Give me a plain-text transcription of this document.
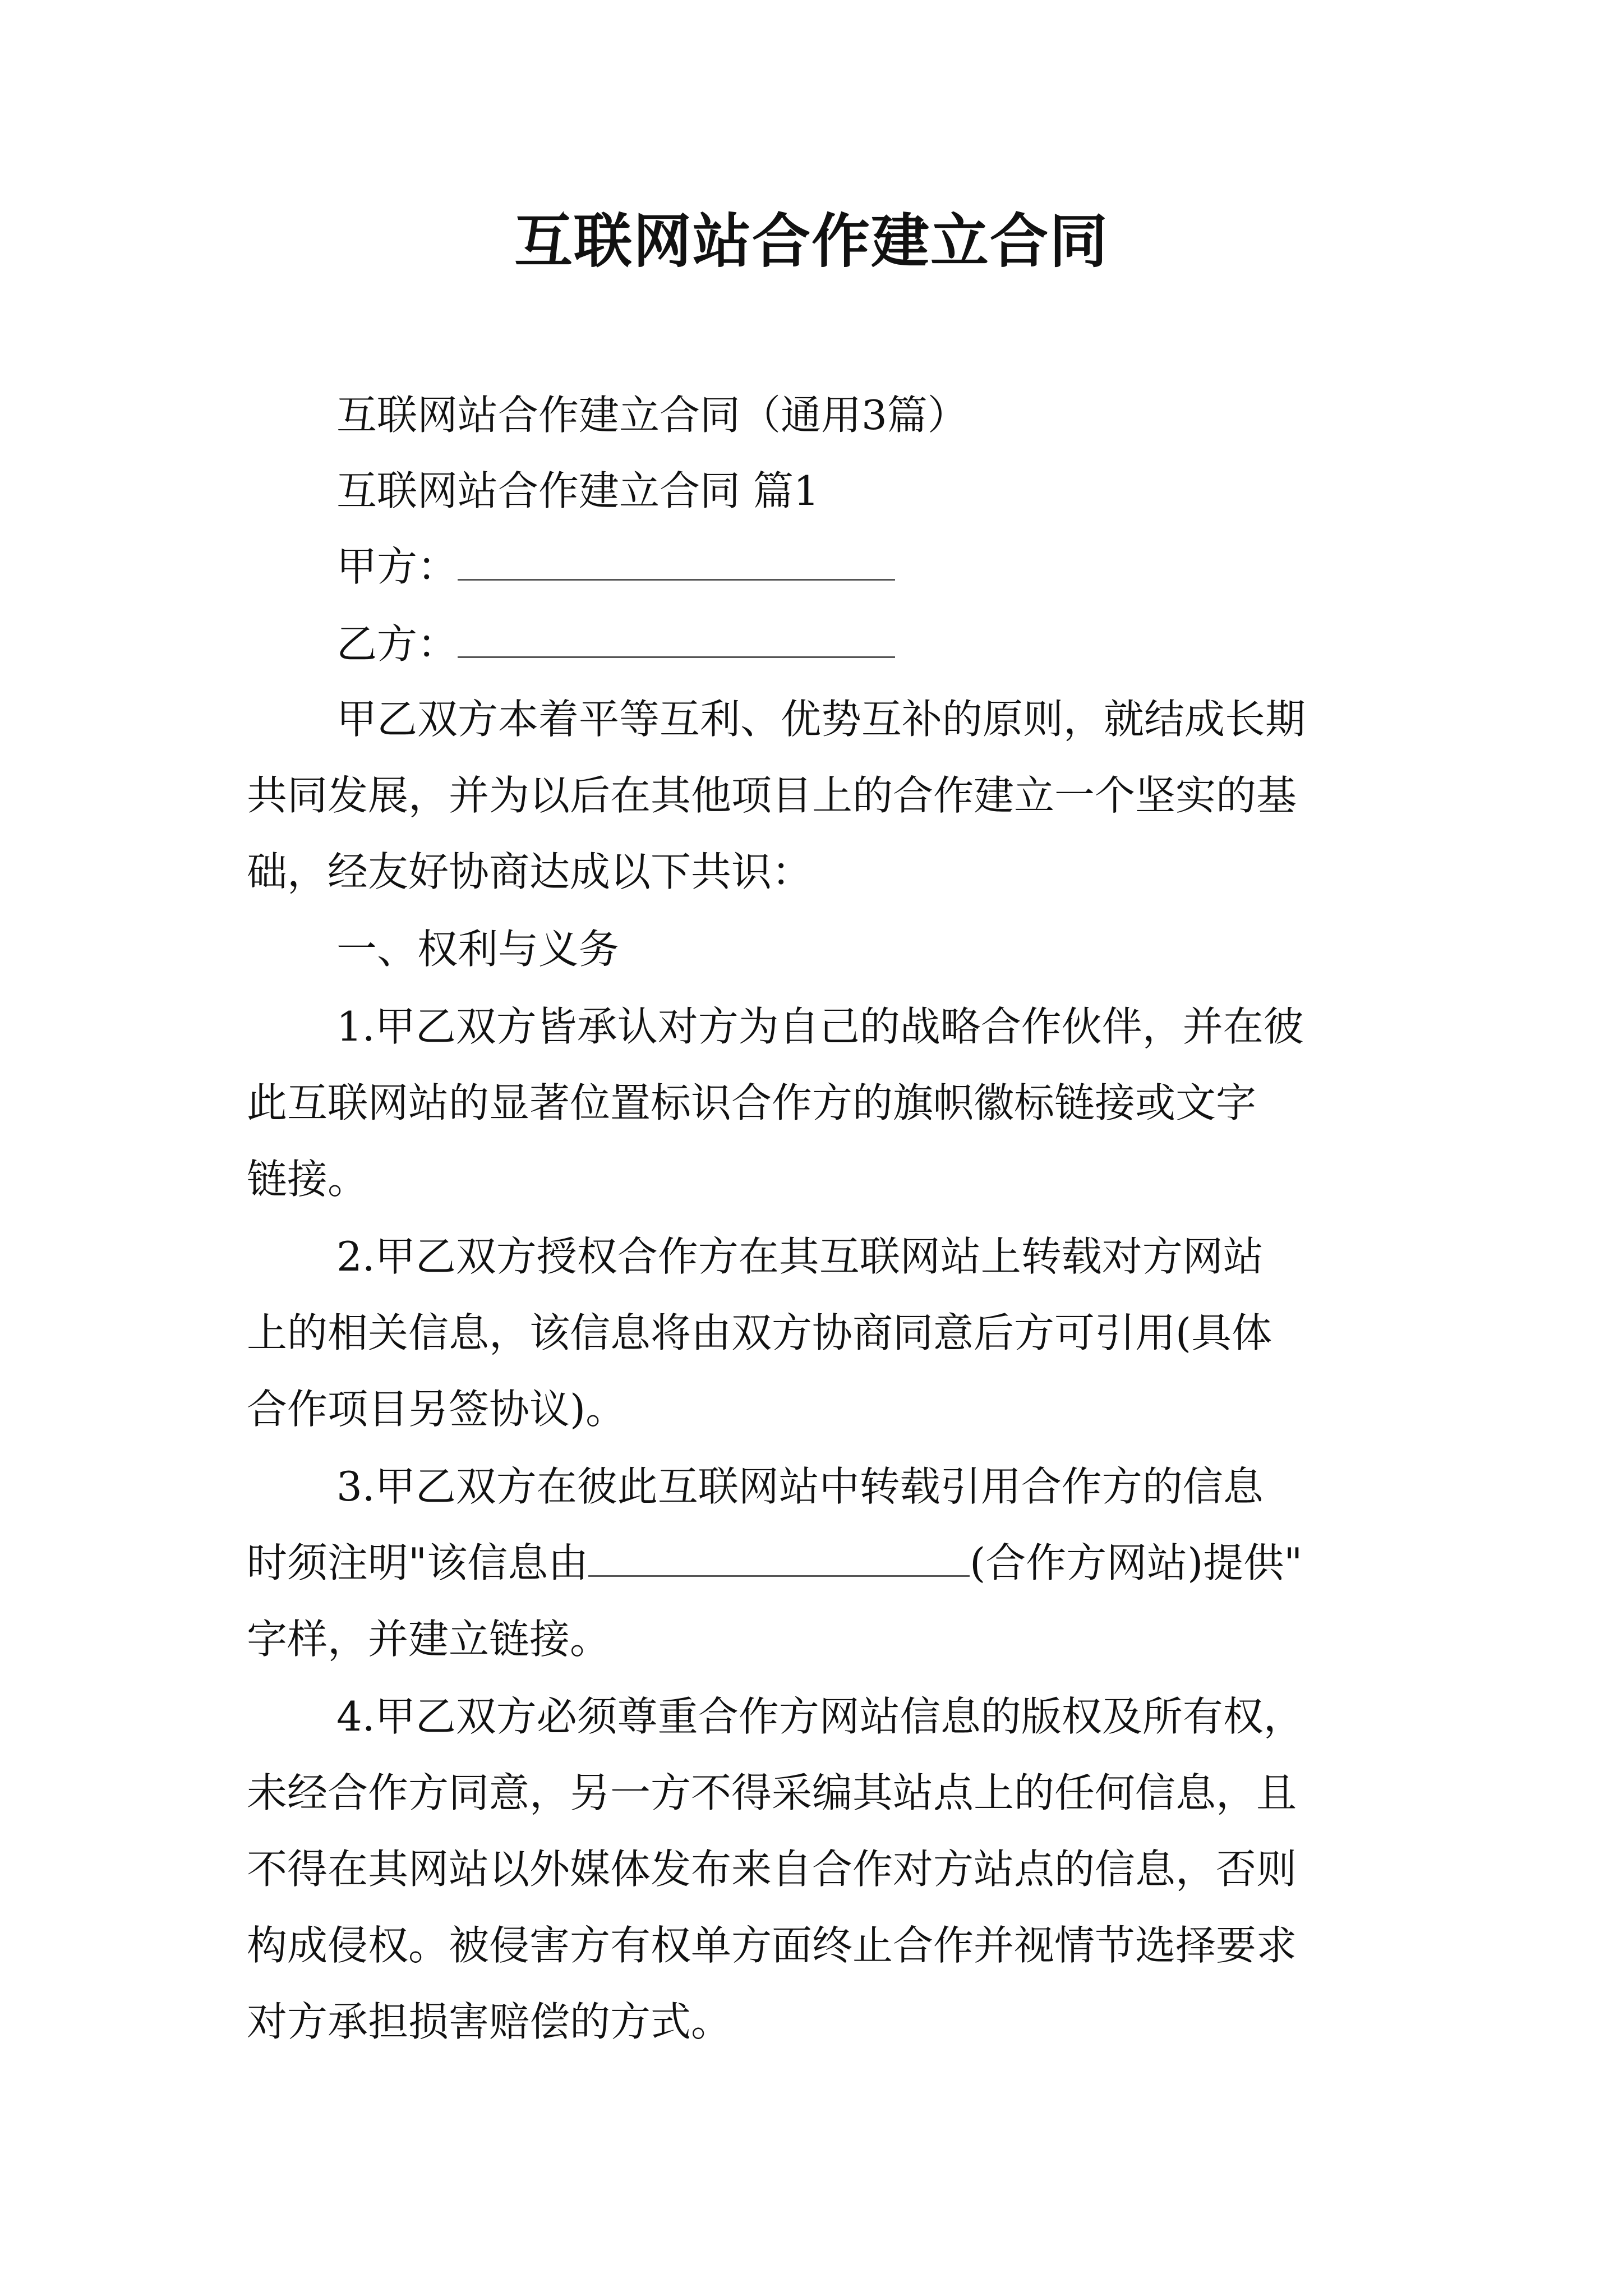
互联网站合作建立合同
互联网站合作建立合同（通用3篇）
互联网站合作建立合同 篇1
甲方：
乙方：
甲乙双方本着平等互利、优势互补的原则，就结成长期
共同发展，并为以后在其他项目上的合作建立一个坚实的基
础，经友好协商达成以下共识：
一、权利与义务
1.甲乙双方皆承认对方为自己的战略合作伙伴，并在彼
此互联网站的显著位置标识合作方的旗帜徽标链接或文字
链接。
2.甲乙双方授权合作方在其互联网站上转载对方网站
上的相关信息，该信息将由双方协商同意后方可引用(具体
合作项目另签协议)。
3.甲乙双方在彼此互联网站中转载引用合作方的信息
时须注明"该信息由	(合作方网站)提供"
字样，并建立链接。
4.甲乙双方必须尊重合作方网站信息的版权及所有权，
未经合作方同意，另一方不得采编其站点上的任何信息，且
不得在其网站以外媒体发布来自合作对方站点的信息，否则
构成侵权。被侵害方有权单方面终止合作并视情节选择要求
对方承担损害赔偿的方式。
